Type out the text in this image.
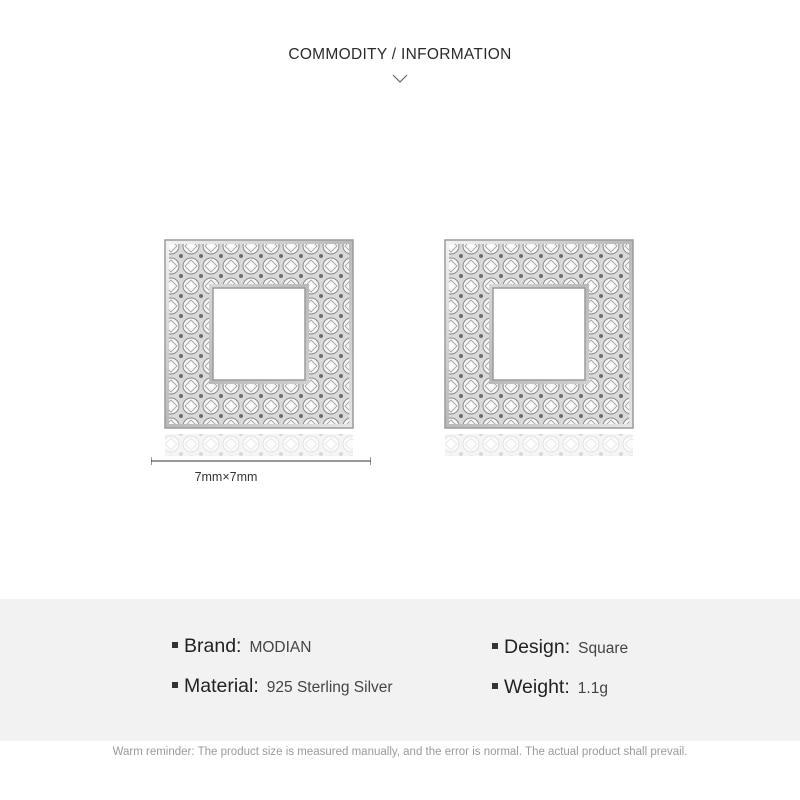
COMMODITY / INFORMATION
7mm×7mm
Brand: MODIAN
Material: 925 Sterling Silver
Design: Square
Weight: 1.1g
Warm reminder: The product size is measured manually, and the error is normal. The actual product shall prevail.
